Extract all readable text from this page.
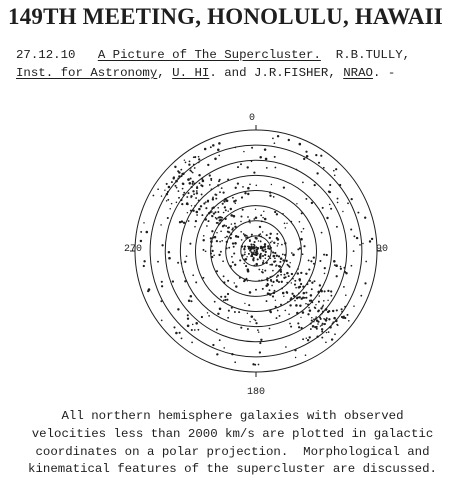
149TH MEETING, HONOLULU, HAWAII
27.12.10 A Picture of The Supercluster. R.B.TULLY,
Inst. for Astronomy, U. HI. and J.R.FISHER, NRAO. -
0
90
180
270
All northern hemisphere galaxies with observed
velocities less than 2000 km/s are plotted in galactic
coordinates on a polar projection.  Morphological and
kinematical features of the supercluster are discussed.
